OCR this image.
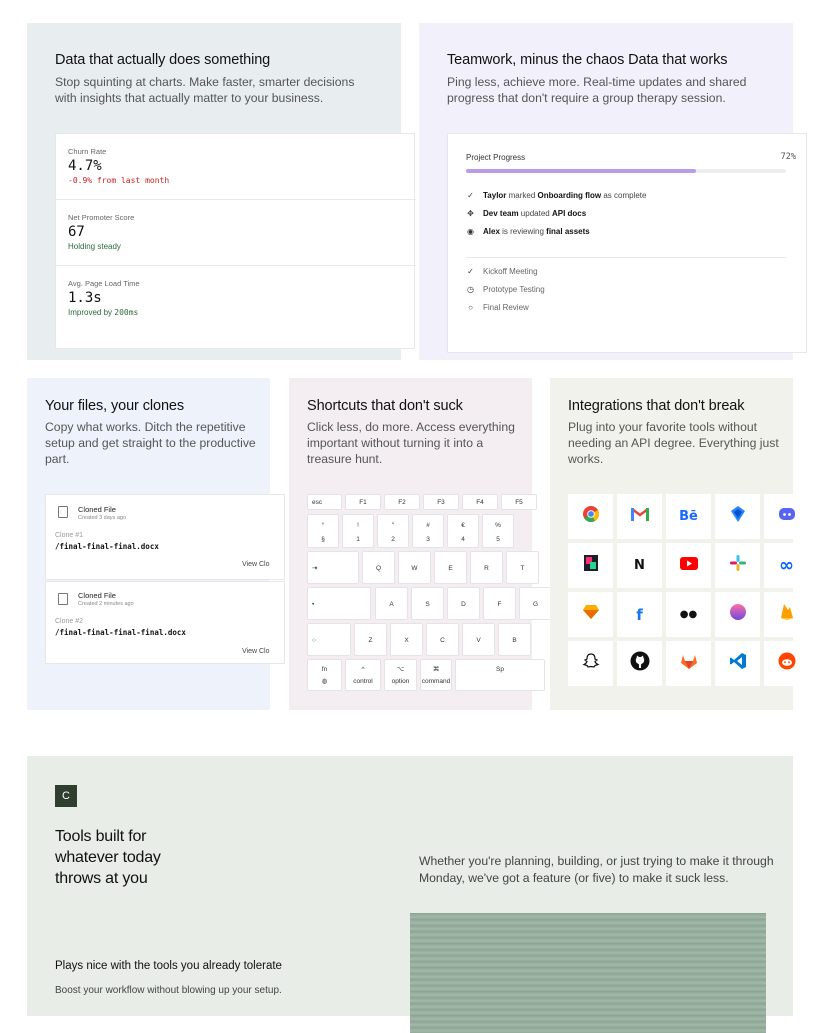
Data that actually does something
Stop squinting at charts. Make faster, smarter decisions with insights that actually matter to your business.
Churn Rate
4.7%
-0.9% from last month
Net Promoter Score
67
Holding steady
Avg. Page Load Time
1.3s
Improved by 200ms
Teamwork, minus the chaos Data that works
Ping less, achieve more. Real-time updates and shared progress that don't require a group therapy session.
Project Progress	72%
✓ Taylor marked Onboarding flow as complete
✥ Dev team updated API docs
◉ Alex is reviewing final assets
✓ Kickoff Meeting
◷ Prototype Testing
○ Final Review
Your files, your clones
Copy what works. Ditch the repetitive setup and get straight to the productive part.
Cloned File
Created 3 days ago
Clone #1
/final-final-final.docx
View Clo
Cloned File
Created 2 minutes ago
Clone #2
/final-final-final-final.docx
View Clo
Shortcuts that don't suck
Click less, do more. Access everything important without turning it into a treasure hunt.
esc	F1	F2	F3	F4	F5
°
§
!
1
"
2
#
3
€
4
%
5
⇥	Q	W	E	R	T
•	A	S	D	F	G
○	Z	X	C	V	B
fn
◍
^
control
⌥
option
⌘
command
Sp
Integrations that don't break
Plug into your favorite tools without needing an API degree. Everything just works.
Bē
N	∞
f	●●
C
Tools built for whatever today throws at you
Whether you're planning, building, or just trying to make it through Monday, we've got a feature (or five) to make it suck less.
Plays nice with the tools you already tolerate
Boost your workflow without blowing up your setup.
